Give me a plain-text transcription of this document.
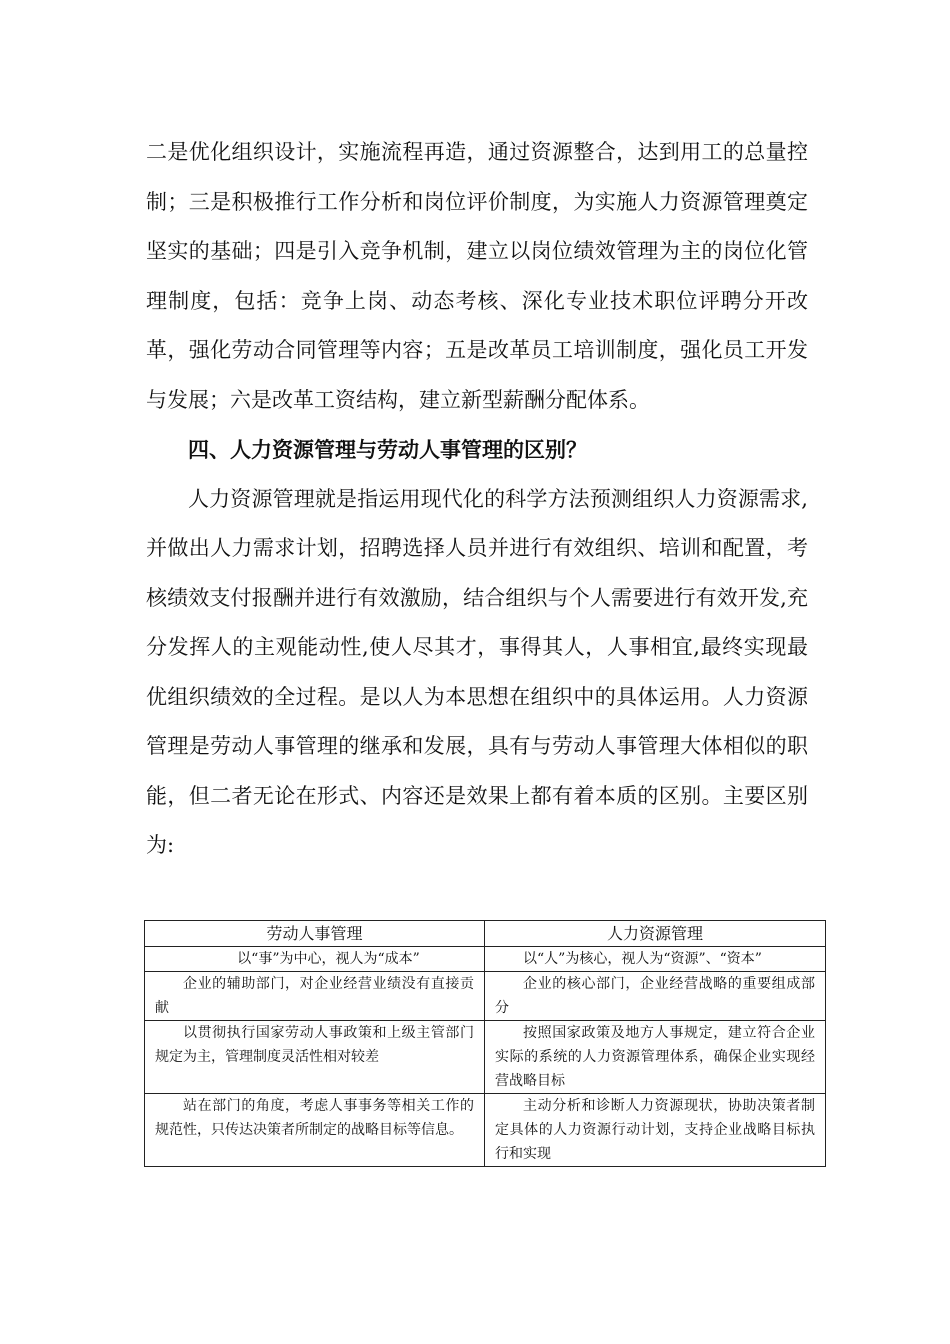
二是优化组织设计，实施流程再造，通过资源整合，达到用工的总量控制；三是积极推行工作分析和岗位评价制度，为实施人力资源管理奠定坚实的基础；四是引入竞争机制，建立以岗位绩效管理为主的岗位化管理制度，包括：竞争上岗、动态考核、深化专业技术职位评聘分开改革，强化劳动合同管理等内容；五是改革员工培训制度，强化员工开发与发展；六是改革工资结构，建立新型薪酬分配体系。

四、人力资源管理与劳动人事管理的区别？

人力资源管理就是指运用现代化的科学方法预测组织人力资源需求,并做出人力需求计划，招聘选择人员并进行有效组织、培训和配置，考核绩效支付报酬并进行有效激励，结合组织与个人需要进行有效开发,充分发挥人的主观能动性,使人尽其才，事得其人，人事相宜,最终实现最优组织绩效的全过程。是以人为本思想在组织中的具体运用。人力资源管理是劳动人事管理的继承和发展，具有与劳动人事管理大体相似的职能，但二者无论在形式、内容还是效果上都有着本质的区别。主要区别为:

劳动人事管理	人力资源管理
以“事”为中心，视人为“成本”	以“人”为核心，视人为“资源”、“资本”
企业的辅助部门，对企业经营业绩没有直接贡献	企业的核心部门，企业经营战略的重要组成部分
以贯彻执行国家劳动人事政策和上级主管部门规定为主，管理制度灵活性相对较差	按照国家政策及地方人事规定，建立符合企业实际的系统的人力资源管理体系，确保企业实现经营战略目标
站在部门的角度，考虑人事事务等相关工作的规范性，只传达决策者所制定的战略目标等信息。	主动分析和诊断人力资源现状，协助决策者制定具体的人力资源行动计划，支持企业战略目标执行和实现
